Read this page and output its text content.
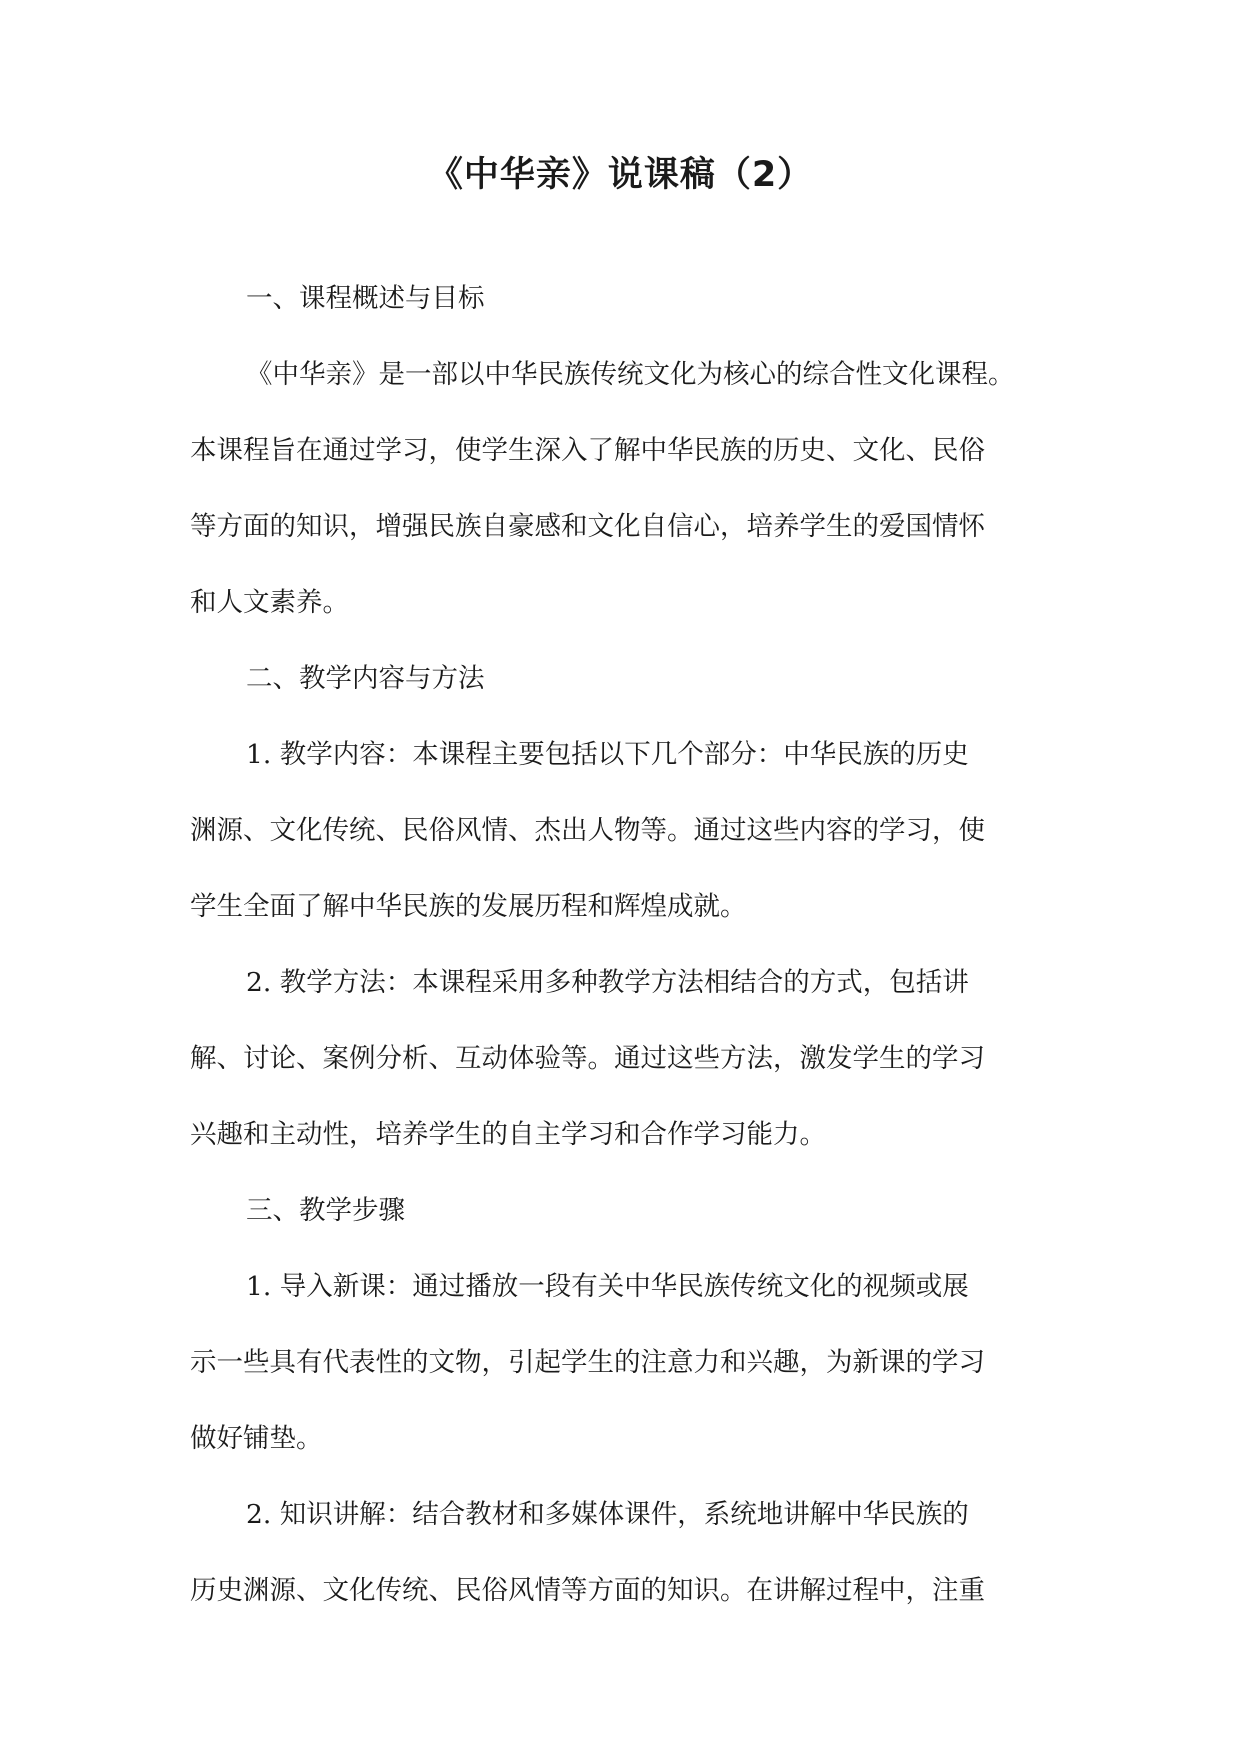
《中华亲》说课稿（2）

一、课程概述与目标

《中华亲》是一部以中华民族传统文化为核心的综合性文化课程。

本课程旨在通过学习，使学生深入了解中华民族的历史、文化、民俗

等方面的知识，增强民族自豪感和文化自信心，培养学生的爱国情怀

和人文素养。

二、教学内容与方法

1. 教学内容：本课程主要包括以下几个部分：中华民族的历史

渊源、文化传统、民俗风情、杰出人物等。通过这些内容的学习，使

学生全面了解中华民族的发展历程和辉煌成就。

2. 教学方法：本课程采用多种教学方法相结合的方式，包括讲

解、讨论、案例分析、互动体验等。通过这些方法，激发学生的学习

兴趣和主动性，培养学生的自主学习和合作学习能力。

三、教学步骤

1. 导入新课：通过播放一段有关中华民族传统文化的视频或展

示一些具有代表性的文物，引起学生的注意力和兴趣，为新课的学习

做好铺垫。

2. 知识讲解：结合教材和多媒体课件，系统地讲解中华民族的

历史渊源、文化传统、民俗风情等方面的知识。在讲解过程中，注重
